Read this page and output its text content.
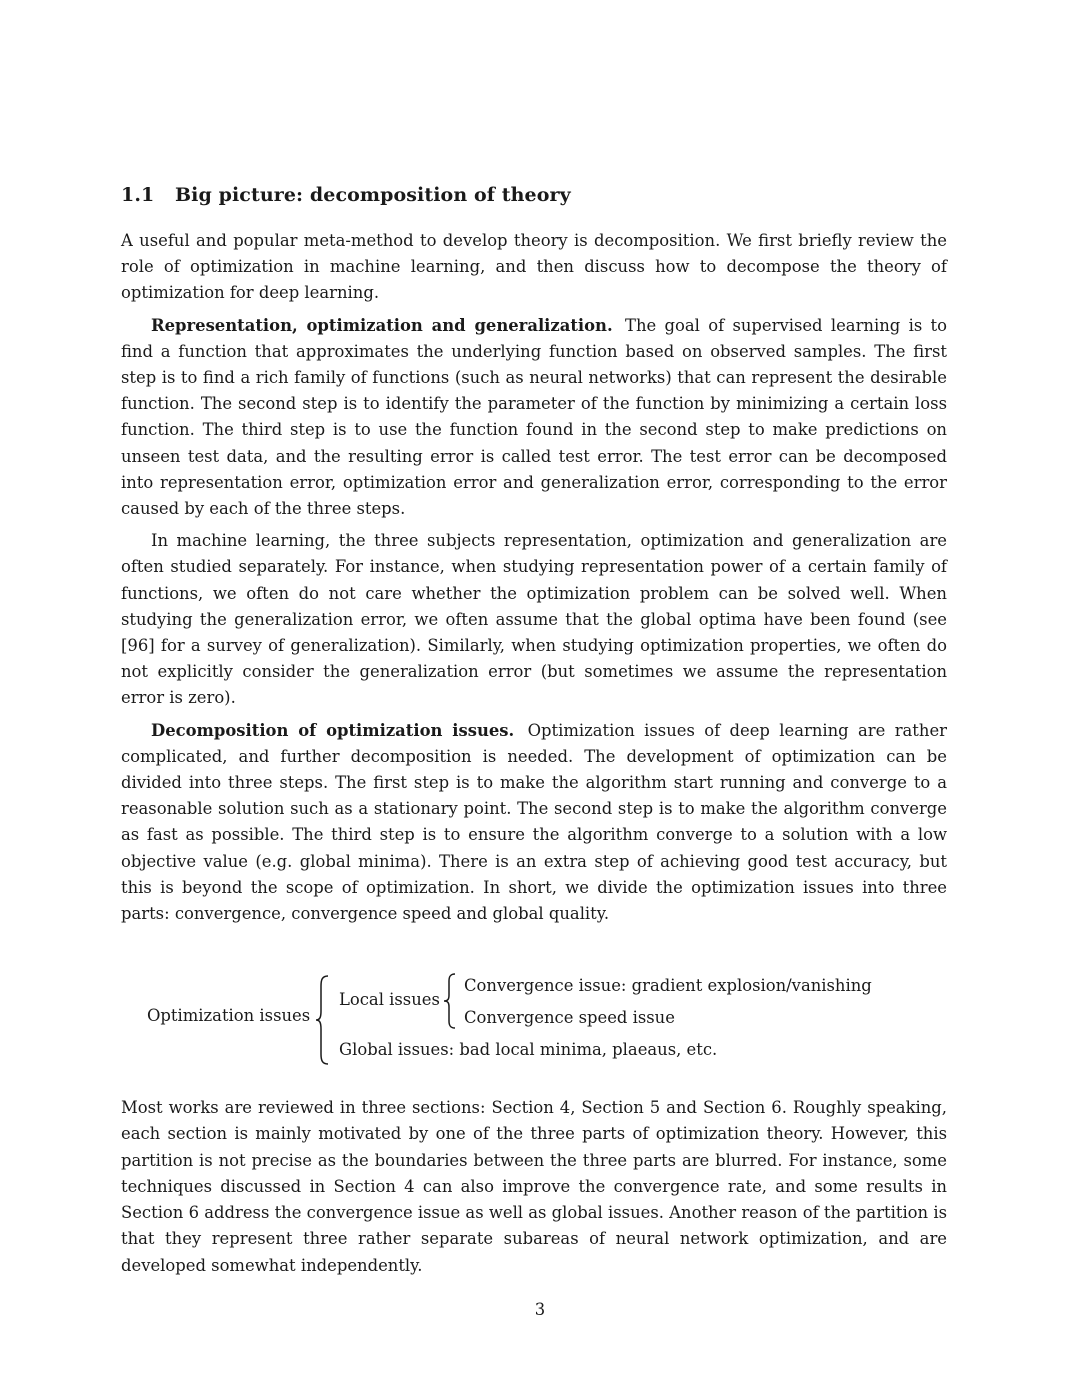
1.1	Big picture: decomposition of theory

A useful and popular meta-method to develop theory is decomposition. We first briefly review the role of optimization in machine learning, and then discuss how to decompose the theory of optimization for deep learning.

Representation, optimization and generalization. The goal of supervised learning is to find a function that approximates the underlying function based on observed samples. The first step is to find a rich family of functions (such as neural networks) that can represent the desirable function. The second step is to identify the parameter of the function by minimizing a certain loss function. The third step is to use the function found in the second step to make predictions on unseen test data, and the resulting error is called test error. The test error can be decomposed into representation error, optimization error and generalization error, corresponding to the error caused by each of the three steps.

In machine learning, the three subjects representation, optimization and generalization are often studied separately. For instance, when studying representation power of a certain family of functions, we often do not care whether the optimization problem can be solved well. When studying the generalization error, we often assume that the global optima have been found (see [96] for a survey of generalization). Similarly, when studying optimization properties, we often do not explicitly consider the generalization error (but sometimes we assume the representation error is zero).

Decomposition of optimization issues. Optimization issues of deep learning are rather complicated, and further decomposition is needed. The development of optimization can be divided into three steps. The first step is to make the algorithm start running and converge to a reasonable solution such as a stationary point. The second step is to make the algorithm converge as fast as possible. The third step is to ensure the algorithm converge to a solution with a low objective value (e.g. global minima). There is an extra step of achieving good test accuracy, but this is beyond the scope of optimization. In short, we divide the optimization issues into three parts: convergence, convergence speed and global quality.

Optimization issues
Local issues
Convergence issue: gradient explosion/vanishing
Convergence speed issue
Global issues: bad local minima, plaeaus, etc.

Most works are reviewed in three sections: Section 4, Section 5 and Section 6. Roughly speaking, each section is mainly motivated by one of the three parts of optimization theory. However, this partition is not precise as the boundaries between the three parts are blurred. For instance, some techniques discussed in Section 4 can also improve the convergence rate, and some results in Section 6 address the convergence issue as well as global issues. Another reason of the partition is that they represent three rather separate subareas of neural network optimization, and are developed somewhat independently.

3
